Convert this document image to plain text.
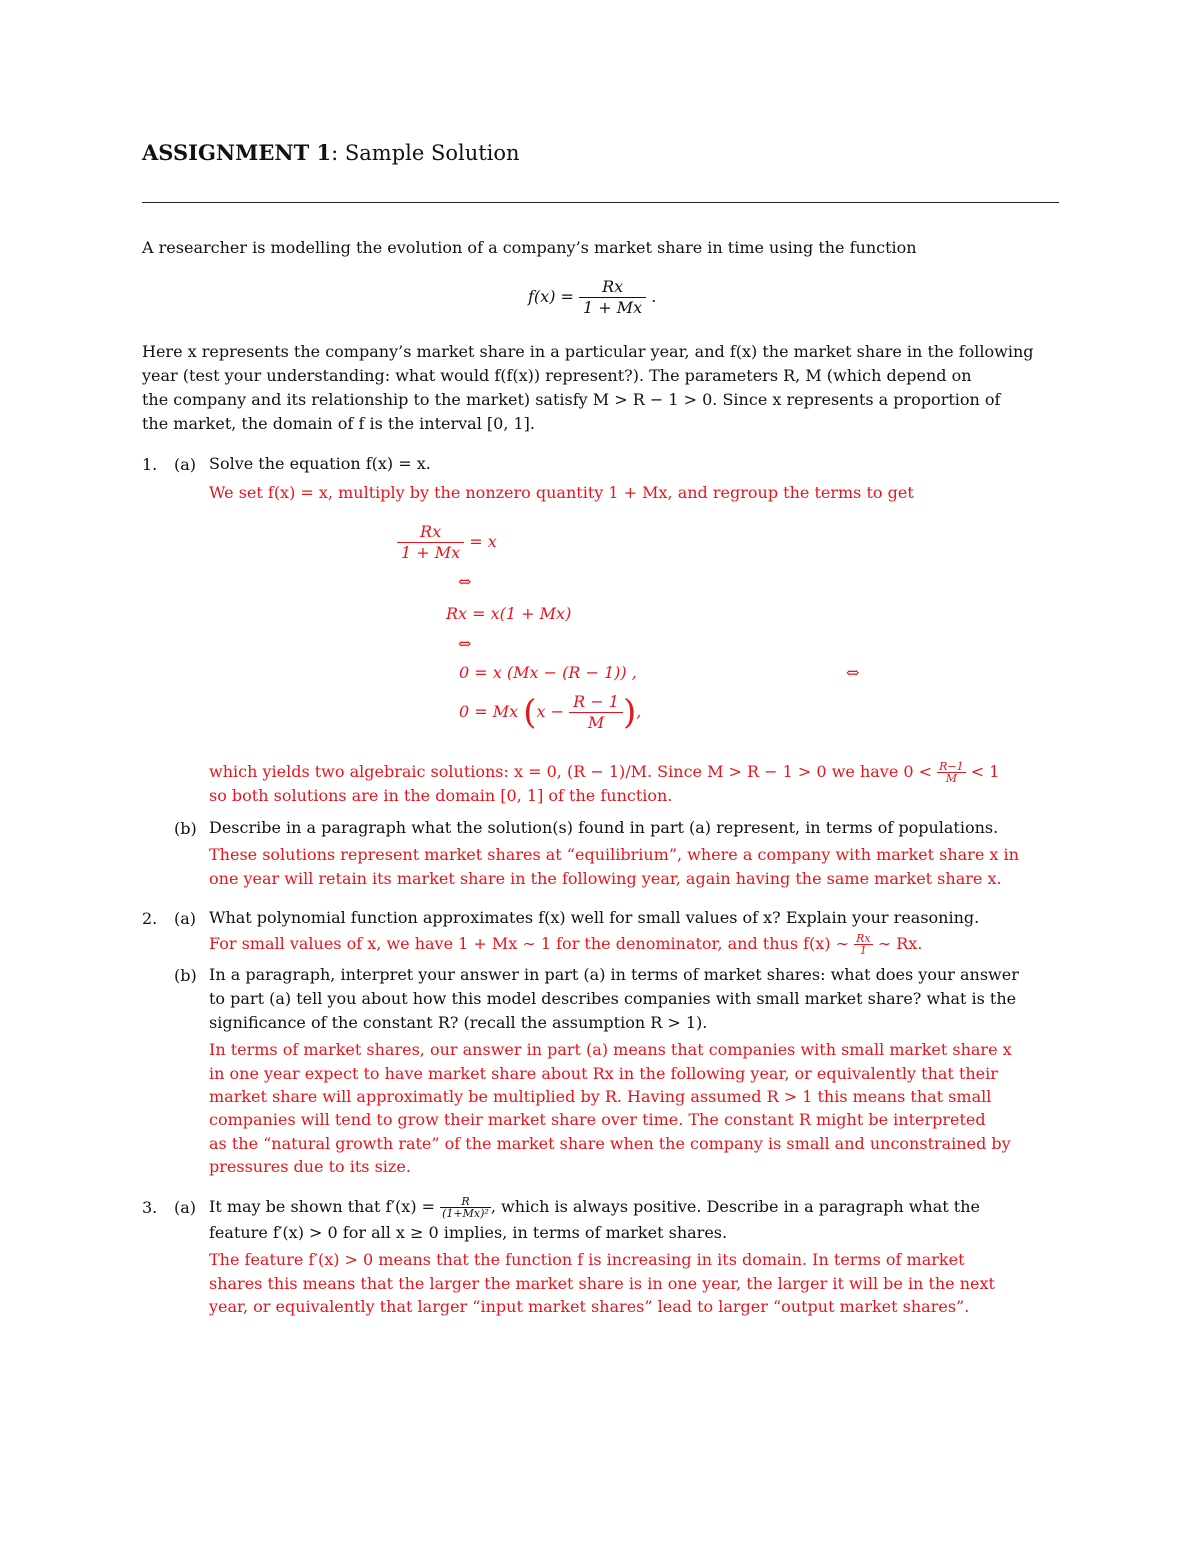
ASSIGNMENT 1: Sample Solution
A researcher is modelling the evolution of a company’s market share in time using the function
$f(x) = \frac{Rx}{1 + Mx}$ .
Here x represents the company’s market share in a particular year, and f(x) the market share in the following
year (test your understanding: what would f(f(x)) represent?). The parameters R, M (which depend on
the company and its relationship to the market) satisfy M > R − 1 > 0. Since x represents a proportion of
the market, the domain of f is the interval [0, 1].
1. (a) Solve the equation f(x) = x.
We set f(x) = x, multiply by the nonzero quantity 1 + Mx, and regroup the terms to get
$\frac{Rx}{1 + Mx} = x$
⇔
Rx = x(1 + Mx)
⇔
0 = x (Mx − (R − 1)) ,	⇔
0 = Mx ($x - \frac{R - 1}{M}$ ),
which yields two algebraic solutions: x = 0, (R − 1)/M. Since M > R − 1 > 0 we have $0 < \frac{R-1}{M} < 1$
so both solutions are in the domain [0, 1] of the function.
(b) Describe in a paragraph what the solution(s) found in part (a) represent, in terms of populations.
These solutions represent market shares at “equilibrium”, where a company with market share x in
one year will retain its market share in the following year, again having the same market share x.
2. (a) What polynomial function approximates f(x) well for small values of x? Explain your reasoning.
For small values of x, we have 1 + Mx ∼ 1 for the denominator, and thus f(x) ∼ $\frac{Rx}{1}$ ∼ Rx.
(b) In a paragraph, interpret your answer in part (a) in terms of market shares: what does your answer
to part (a) tell you about how this model describes companies with small market share? what is the
significance of the constant R? (recall the assumption R > 1).
In terms of market shares, our answer in part (a) means that companies with small market share x
in one year expect to have market share about Rx in the following year, or equivalently that their
market share will approximatly be multiplied by R. Having assumed R > 1 this means that small
companies will tend to grow their market share over time. The constant R might be interpreted
as the “natural growth rate” of the market share when the company is small and unconstrained by
pressures due to its size.
3. (a) It may be shown that $f'(x) = \frac{R}{\text{(1+Mx)²}}$ , which is always positive. Describe in a paragraph what the
feature f′(x) > 0 for all x ≥ 0 implies, in terms of market shares.
The feature f′(x) > 0 means that the function f is increasing in its domain. In terms of market
shares this means that the larger the market share is in one year, the larger it will be in the next
year, or equivalently that larger “input market shares” lead to larger “output market shares”.
